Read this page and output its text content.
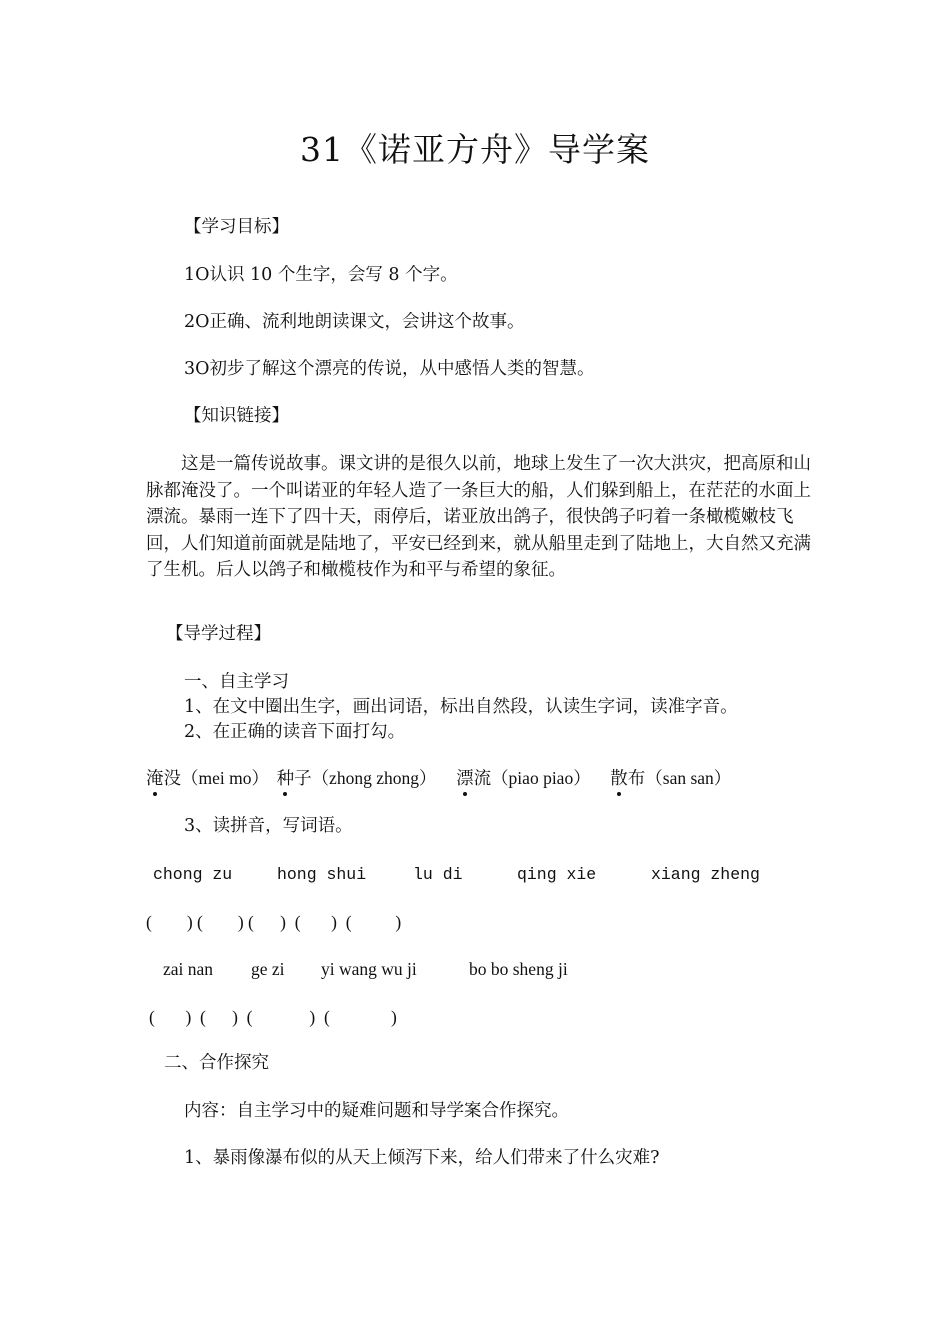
31《诺亚方舟》导学案
【学习目标】
1O认识 10 个生字，会写 8 个字。
2O正确、流利地朗读课文，会讲这个故事。
3O初步了解这个漂亮的传说，从中感悟人类的智慧。
【知识链接】
这是一篇传说故事。课文讲的是很久以前，地球上发生了一次大洪灾，把高原和山脉都淹没了。一个叫诺亚的年轻人造了一条巨大的船，人们躲到船上，在茫茫的水面上漂流。暴雨一连下了四十天，雨停后，诺亚放出鸽子，很快鸽子叼着一条橄榄嫩枝飞回，人们知道前面就是陆地了，平安已经到来，就从船里走到了陆地上，大自然又充满了生机。后人以鸽子和橄榄枝作为和平与希望的象征。
【导学过程】
一、自主学习
1、在文中圈出生字，画出词语，标出自然段，认读生字词，读准字音。
2、在正确的读音下面打勾。
淹没（mei mo） 种子（zhong zhong） 漂流（piao piao） 散布（san san）
3、读拼音，写词语。
chong zu	hong shui	lu di	qing xie	xiang zheng
(        ) (        ) (      )  (       )  (          )
zai nan ge zi yi wang wu ji	bo bo sheng ji
(       )  (      )  (             )  (              )
二、合作探究
内容：自主学习中的疑难问题和导学案合作探究。
1、暴雨像瀑布似的从天上倾泻下来，给人们带来了什么灾难?
